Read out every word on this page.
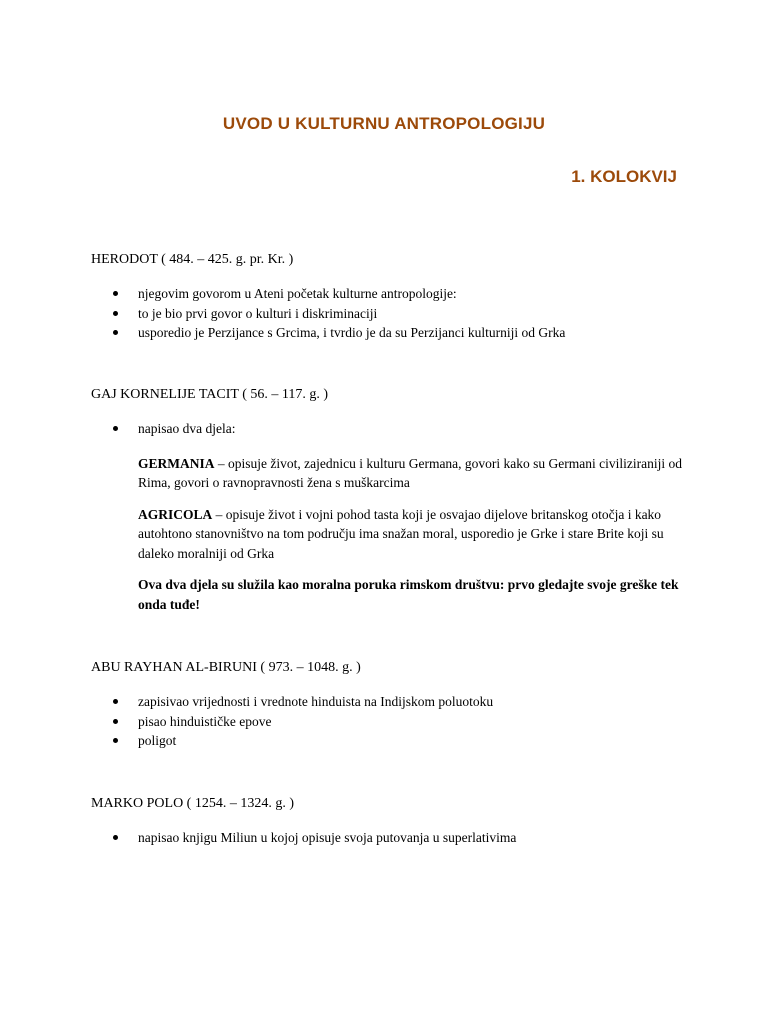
UVOD U KULTURNU ANTROPOLOGIJU
1. KOLOKVIJ

HERODOT ( 484. – 425. g. pr. Kr. )

njegovim govorom u Ateni početak kulturne antropologije:
to je bio prvi govor o kulturi i diskriminaciji
usporedio je Perzijance s Grcima, i tvrdio je da su Perzijanci kulturniji od Grka

GAJ KORNELIJE TACIT ( 56. – 117. g. )

napisao dva djela:

GERMANIA – opisuje život, zajednicu i kulturu Germana, govori kako su Germani civilizirаniji od Rima, govori o ravnopravnosti žena s muškarcima

AGRICOLA – opisuje život i vojni pohod tasta koji je osvajao dijelove britanskog otočja i kako autohtono stanovništvo na tom području ima snažan moral, usporedio je Grke i stare Brite koji su daleko moralniji od Grka

Ova dva djela su služila kao moralna poruka rimskom društvu: prvo gledajte svoje greške tek onda tuđe!

ABU RAYHAN AL-BIRUNI ( 973. – 1048. g. )

zapisivao vrijednosti i vrednote hinduista na Indijskom poluotoku
pisao hinduističke epove
poligot

MARKO POLO ( 1254. – 1324. g. )

napisao knjigu Miliun u kojoj opisuje svoja putovanja u superlativima
